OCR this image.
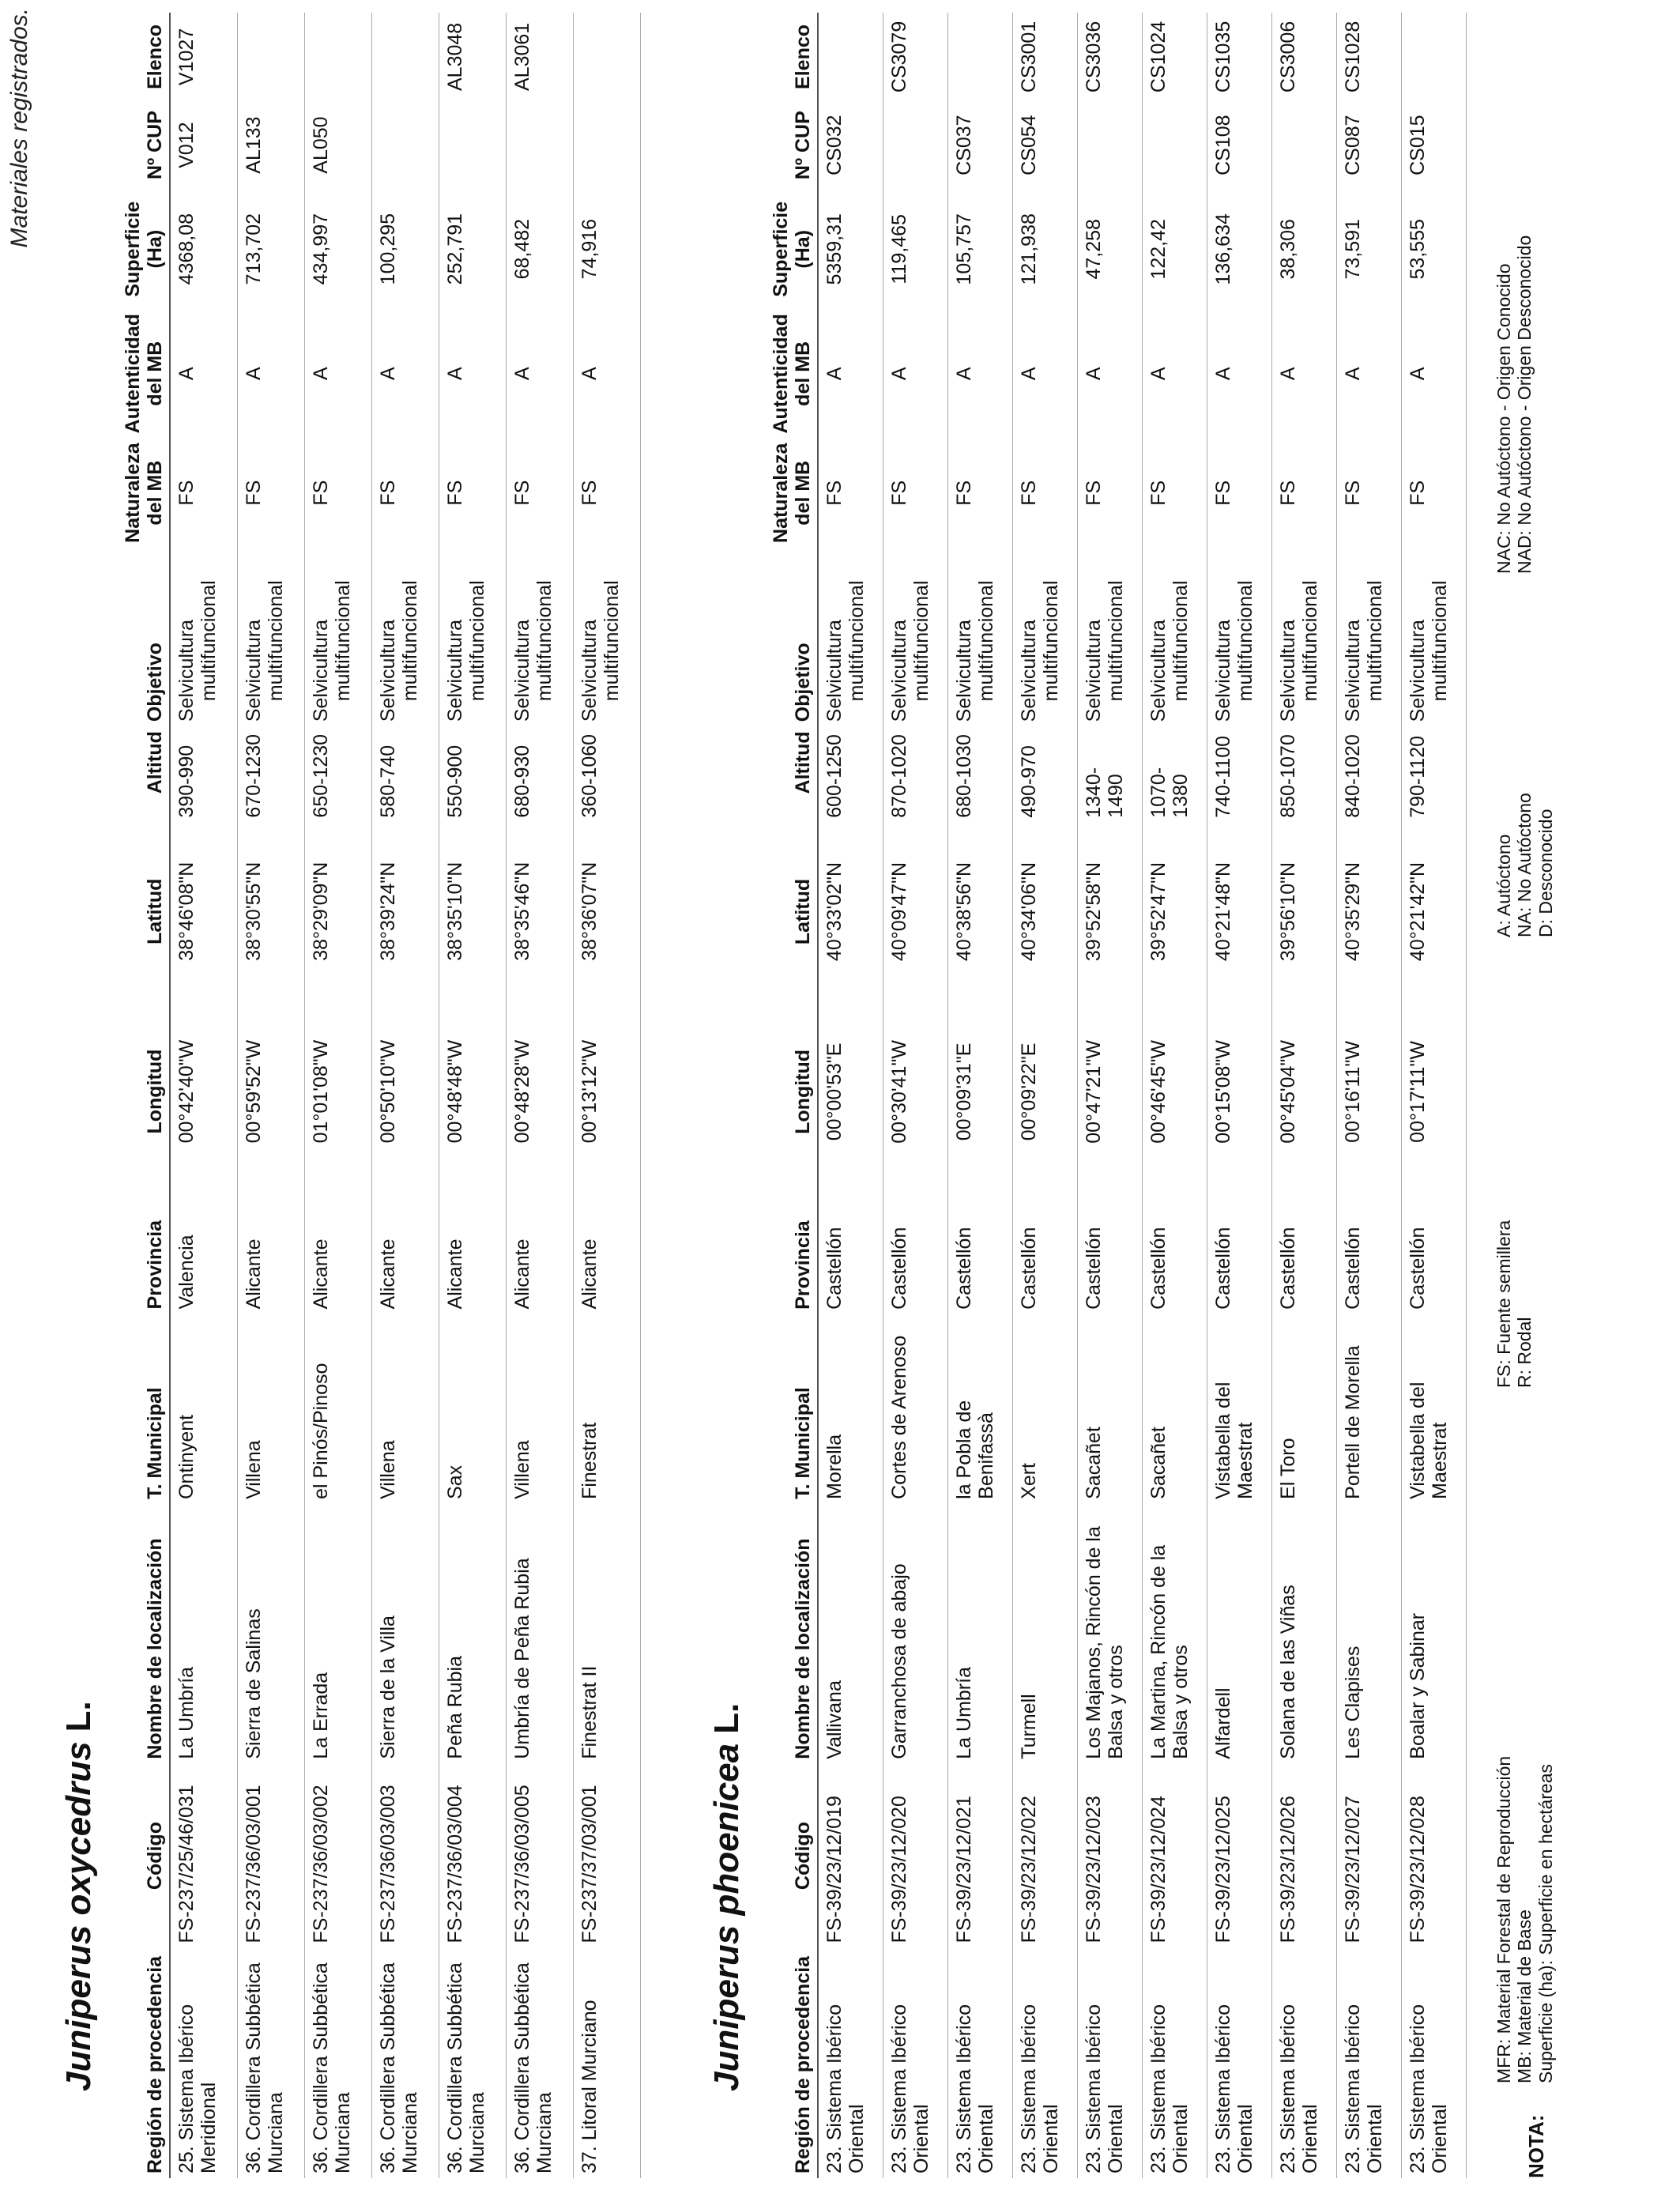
Materiales registrados.
Juniperus oxycedrusL.
Región de procedencia	Código	Nombre de localización	T. Municipal	Provincia	Longitud	Latitud	Altitud	Objetivo	Naturaleza del MB	Autenticidad del MB	Superficie (Ha)	Nº CUP	Elenco
25. Sistema Ibérico Meridional	FS-237/25/46/031	La Umbría	Ontinyent	Valencia	00°42'40"W	38°46'08"N	390-990	Selvicultura multifuncional	FS	A	4368,08	V012	V1027
36. Cordillera Subbética Murciana	FS-237/36/03/001	Sierra de Salinas	Villena	Alicante	00°59'52"W	38°30'55"N	670-1230	Selvicultura multifuncional	FS	A	713,702	AL133	
36. Cordillera Subbética Murciana	FS-237/36/03/002	La Errada	el Pinós/Pinoso	Alicante	01°01'08"W	38°29'09"N	650-1230	Selvicultura multifuncional	FS	A	434,997	AL050	
36. Cordillera Subbética Murciana	FS-237/36/03/003	Sierra de la Villa	Villena	Alicante	00°50'10"W	38°39'24"N	580-740	Selvicultura multifuncional	FS	A	100,295		
36. Cordillera Subbética Murciana	FS-237/36/03/004	Peña Rubia	Sax	Alicante	00°48'48"W	38°35'10"N	550-900	Selvicultura multifuncional	FS	A	252,791		AL3048
36. Cordillera Subbética Murciana	FS-237/36/03/005	Umbría de Peña Rubia	Villena	Alicante	00°48'28"W	38°35'46"N	680-930	Selvicultura multifuncional	FS	A	68,482		AL3061
37. Litoral Murciano	FS-237/37/03/001	Finestrat II	Finestrat	Alicante	00°13'12"W	38°36'07"N	360-1060	Selvicultura multifuncional	FS	A	74,916		
Juniperus phoeniceaL.
Región de procedencia	Código	Nombre de localización	T. Municipal	Provincia	Longitud	Latitud	Altitud	Objetivo	Naturaleza del MB	Autenticidad del MB	Superficie (Ha)	Nº CUP	Elenco
23. Sistema Ibérico Oriental	FS-39/23/12/019	Vallivana	Morella	Castellón	00°00'53"E	40°33'02"N	600-1250	Selvicultura multifuncional	FS	A	5359,31	CS032	
23. Sistema Ibérico Oriental	FS-39/23/12/020	Garranchosa de abajo	Cortes de Arenoso	Castellón	00°30'41"W	40°09'47"N	870-1020	Selvicultura multifuncional	FS	A	119,465		CS3079
23. Sistema Ibérico Oriental	FS-39/23/12/021	La Umbría	la Pobla de Benifassà	Castellón	00°09'31"E	40°38'56"N	680-1030	Selvicultura multifuncional	FS	A	105,757	CS037	
23. Sistema Ibérico Oriental	FS-39/23/12/022	Turmell	Xert	Castellón	00°09'22"E	40°34'06"N	490-970	Selvicultura multifuncional	FS	A	121,938	CS054	CS3001
23. Sistema Ibérico Oriental	FS-39/23/12/023	Los Majanos, Rincón de la Balsa y otros	Sacañet	Castellón	00°47'21"W	39°52'58"N	1340-1490	Selvicultura multifuncional	FS	A	47,258		CS3036
23. Sistema Ibérico Oriental	FS-39/23/12/024	La Martina, Rincón de la Balsa y otros	Sacañet	Castellón	00°46'45"W	39°52'47"N	1070-1380	Selvicultura multifuncional	FS	A	122,42		CS1024
23. Sistema Ibérico Oriental	FS-39/23/12/025	Alfardell	Vistabella del Maestrat	Castellón	00°15'08"W	40°21'48"N	740-1100	Selvicultura multifuncional	FS	A	136,634	CS108	CS1035
23. Sistema Ibérico Oriental	FS-39/23/12/026	Solana de las Viñas	El Toro	Castellón	00°45'04"W	39°56'10"N	850-1070	Selvicultura multifuncional	FS	A	38,306		CS3006
23. Sistema Ibérico Oriental	FS-39/23/12/027	Les Clapises	Portell de Morella	Castellón	00°16'11"W	40°35'29"N	840-1020	Selvicultura multifuncional	FS	A	73,591	CS087	CS1028
23. Sistema Ibérico Oriental	FS-39/23/12/028	Boalar y Sabinar	Vistabella del Maestrat	Castellón	00°17'11"W	40°21'42"N	790-1120	Selvicultura multifuncional	FS	A	53,555	CS015	
NOTA:
MFR: Material Forestal de Reproducción MB: Material de Base Superficie (ha): Superficie en hectáreas
FS: Fuente semillera R: Rodal
A: Autóctono NA: No Autóctono D: Desconocido
NAC: No Autóctono - Origen Conocido NAD: No Autóctono - Origen Desconocido
